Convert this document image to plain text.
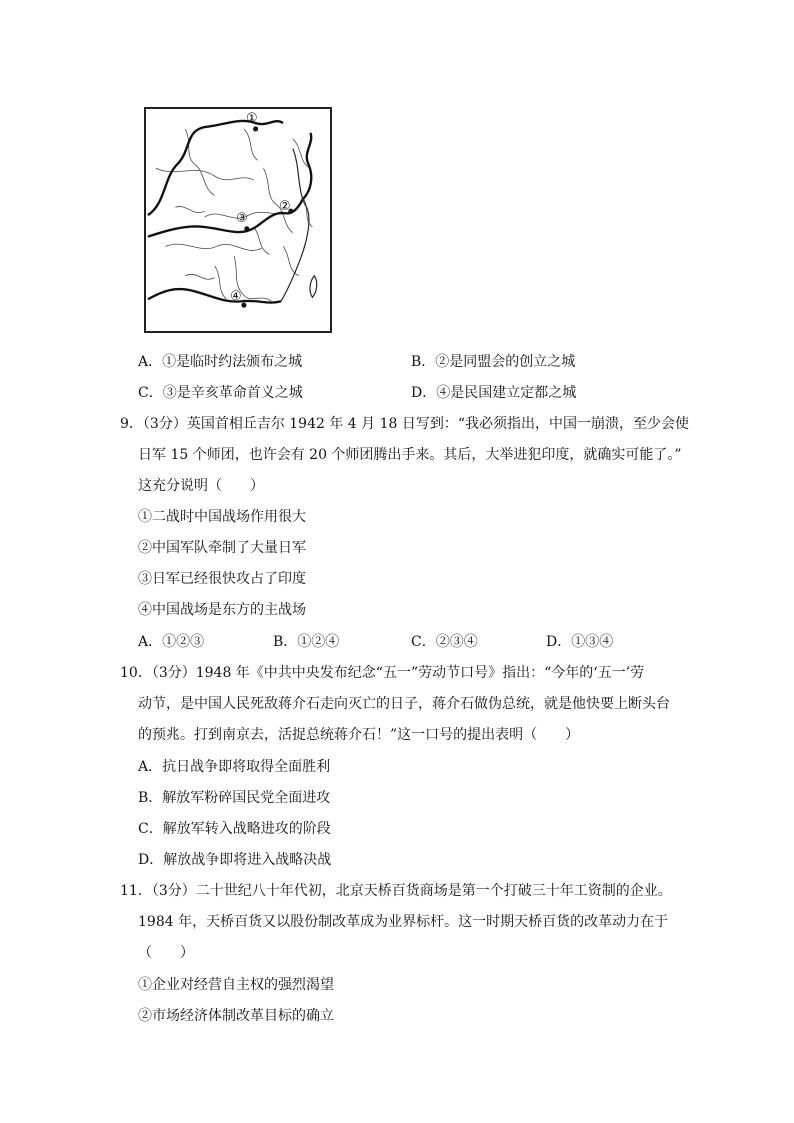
①
②
③
④
A．①是临时约法颁布之城	B．②是同盟会的创立之城
C．③是辛亥革命首义之城	D．④是民国建立定都之城
9．（3分）英国首相丘吉尔 1942 年 4 月 18 日写到：“我必须指出，中国一崩溃，至少会使
日军 15 个师团，也许会有 20 个师团腾出手来。其后，大举进犯印度，就确实可能了。”
这充分说明（　　）
①二战时中国战场作用很大
②中国军队牵制了大量日军
③日军已经很快攻占了印度
④中国战场是东方的主战场
A．①②③	B．①②④	C．②③④	D．①③④
10．（3分）1948 年《中共中央发布纪念“五一”劳动节口号》指出：“今年的‘五一’劳
动节，是中国人民死敌蒋介石走向灭亡的日子，蒋介石做伪总统，就是他快要上断头台
的预兆。打到南京去，活捉总统蒋介石！”这一口号的提出表明（　　）
A．抗日战争即将取得全面胜利
B．解放军粉碎国民党全面进攻
C．解放军转入战略进攻的阶段
D．解放战争即将进入战略决战
11．（3分）二十世纪八十年代初，北京天桥百货商场是第一个打破三十年工资制的企业。
1984 年，天桥百货又以股份制改革成为业界标杆。这一时期天桥百货的改革动力在于
（　　）
①企业对经营自主权的强烈渴望
②市场经济体制改革目标的确立
